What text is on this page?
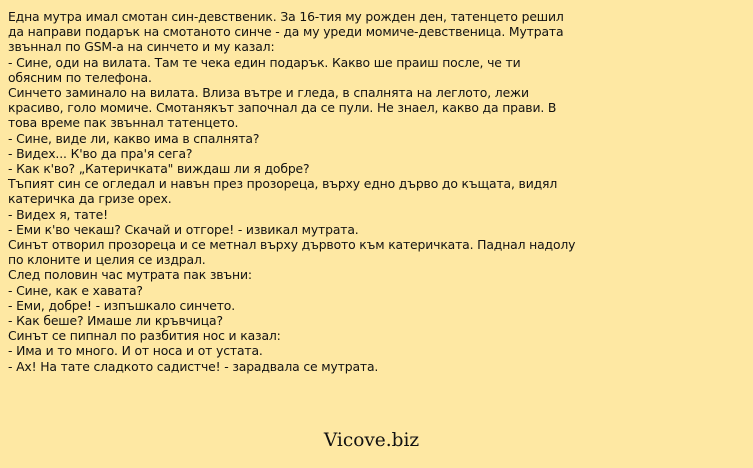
Една мутра имал смотан син-девственик. За 16-тия му рожден ден, татенцето решил
да направи подарък на смотаното синче - да му уреди момиче-девственица. Мутрата
звъннал по GSM-а на синчето и му казал:
- Сине, оди на вилата. Там те чека един подарък. Какво ше праиш после, че ти
обясним по телефона.
Синчето заминало на вилата. Влиза вътре и гледа, в спалнята на леглото, лежи
красиво, голо момиче. Смотанякът започнал да се пули. Не знаел, какво да прави. В
това време пак звъннал татенцето.
- Сине, виде ли, какво има в спалнята?
- Видех... К'во да пра'я сега?
- Как к'во? „Катеричката" виждаш ли я добре?
Тъпият син се огледал и навън през прозореца, върху едно дърво до къщата, видял
катеричка да гризе орех.
- Видех я, тате!
- Еми к'во чекаш? Скачай и отгоре! - извикал мутрата.
Синът отворил прозореца и се метнал върху дървото към катеричката. Паднал надолу
по клоните и целия се издрал.
След половин час мутрата пак звъни:
- Сине, как е хавата?
- Еми, добре! - изпъшкало синчето.
- Как беше? Имаше ли кръвчица?
Синът се пипнал по разбития нос и казал:
- Има и то много. И от носа и от устата.
- Ах! На тате сладкото садистче! - зарадвала се мутрата.
Vicove.biz
